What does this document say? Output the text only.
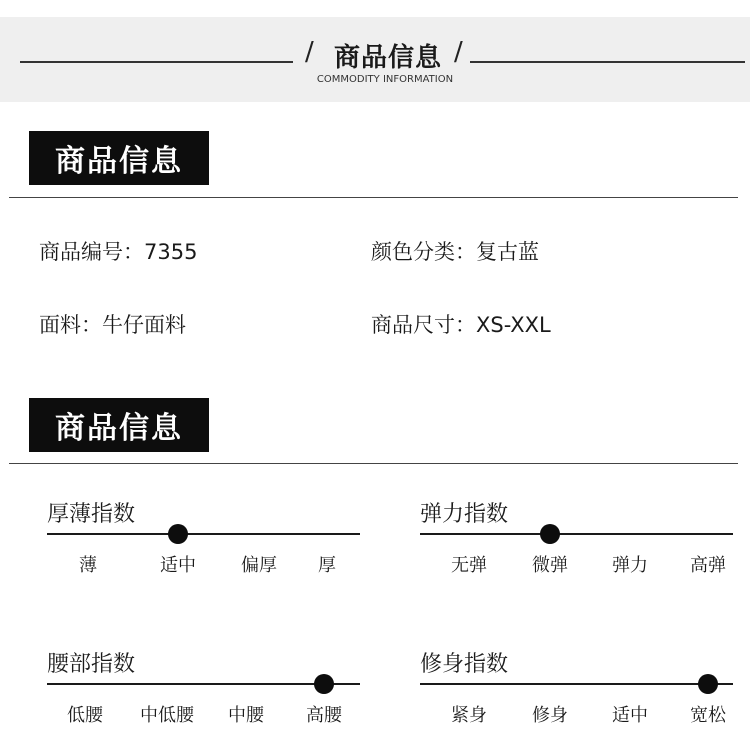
/ 商品信息 /
COMMODITY INFORMATION
商品信息
商品编号：7355	颜色分类：复古蓝
面料：牛仔面料	商品尺寸：XS-XXL
商品信息
厚薄指数
薄	适中	偏厚 厚
弹力指数
无弹	微弹 弹力 高弹
腰部指数
低腰 中低腰 中腰 高腰
修身指数
紧身	修身 适中 宽松
